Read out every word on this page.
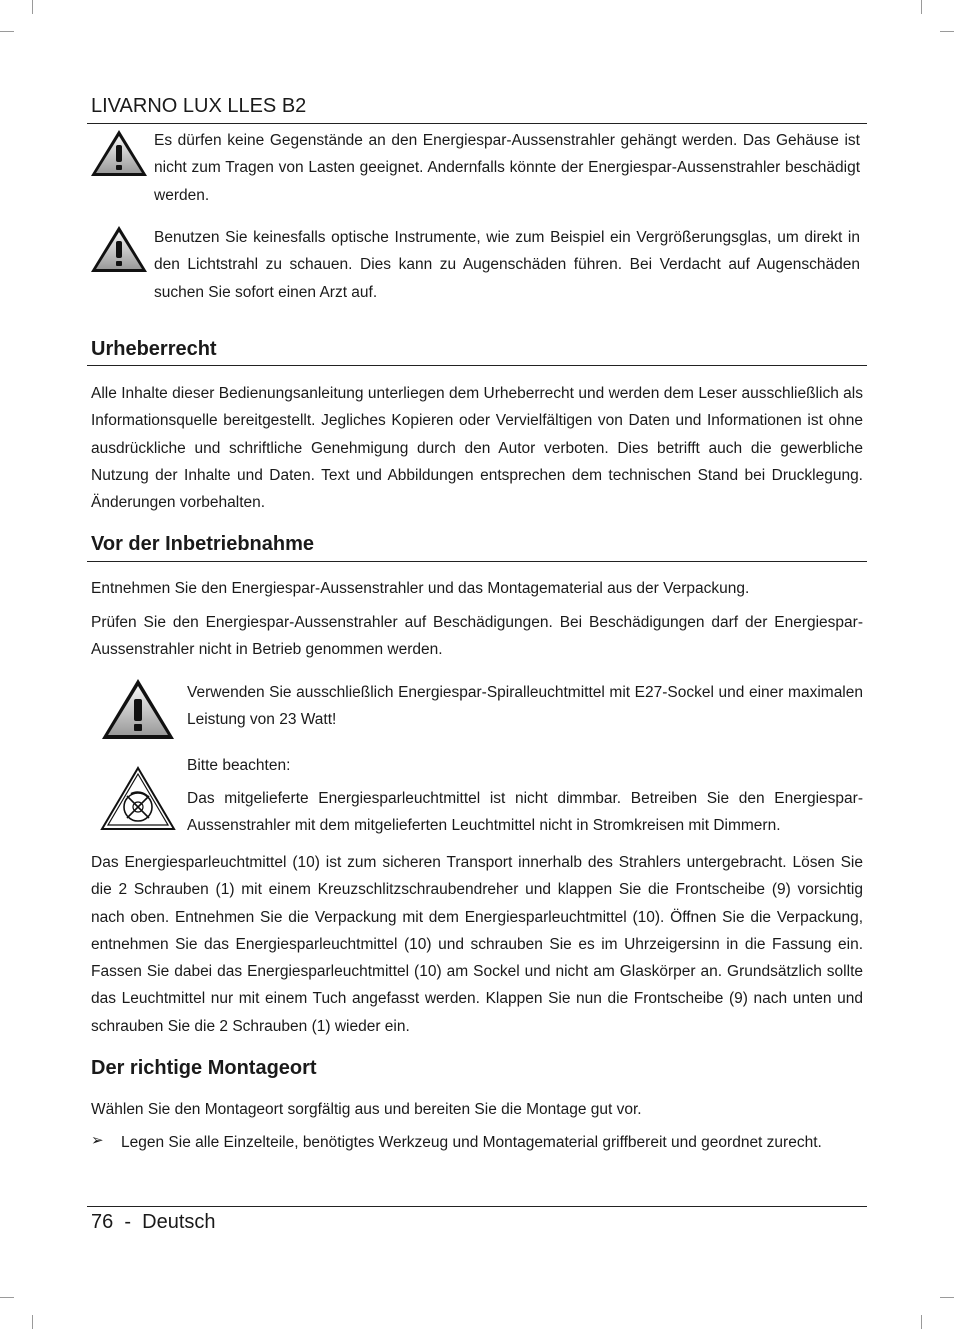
LIVARNO LUX LLES B2

Es dürfen keine Gegenstände an den Energiespar-Aussenstrahler gehängt werden. Das Gehäuse ist nicht zum Tragen von Lasten geeignet. Andernfalls könnte der Energiespar-Aussenstrahler beschädigt werden.

Benutzen Sie keinesfalls optische Instrumente, wie zum Beispiel ein Vergrößerungsglas, um direkt in den Lichtstrahl zu schauen. Dies kann zu Augenschäden führen. Bei Verdacht auf Augenschäden suchen Sie sofort einen Arzt auf.

Urheberrecht

Alle Inhalte dieser Bedienungsanleitung unterliegen dem Urheberrecht und werden dem Leser ausschließlich als Informationsquelle bereitgestellt. Jegliches Kopieren oder Vervielfältigen von Daten und Informationen ist ohne ausdrückliche und schriftliche Genehmigung durch den Autor verboten. Dies betrifft auch die gewerbliche Nutzung der Inhalte und Daten. Text und Abbildungen entsprechen dem technischen Stand bei Drucklegung. Änderungen vorbehalten.

Vor der Inbetriebnahme

Entnehmen Sie den Energiespar-Aussenstrahler und das Montagematerial aus der Verpackung.

Prüfen Sie den Energiespar-Aussenstrahler auf Beschädigungen. Bei Beschädigungen darf der Energiespar-Aussenstrahler nicht in Betrieb genommen werden.

Verwenden Sie ausschließlich Energiespar-Spiralleuchtmittel mit E27-Sockel und einer maximalen Leistung von 23 Watt!

Bitte beachten:

Das mitgelieferte Energiesparleuchtmittel ist nicht dimmbar. Betreiben Sie den Energiespar-Aussenstrahler mit dem mitgelieferten Leuchtmittel nicht in Stromkreisen mit Dimmern.

Das Energiesparleuchtmittel (10) ist zum sicheren Transport innerhalb des Strahlers untergebracht. Lösen Sie die 2 Schrauben (1) mit einem Kreuzschlitzschraubendreher und klappen Sie die Frontscheibe (9) vorsichtig nach oben. Entnehmen Sie die Verpackung mit dem Energiesparleuchtmittel (10). Öffnen Sie die Verpackung, entnehmen Sie das Energiesparleuchtmittel (10) und schrauben Sie es im Uhrzeigersinn in die Fassung ein. Fassen Sie dabei das Energiesparleuchtmittel (10) am Sockel und nicht am Glaskörper an. Grundsätzlich sollte das Leuchtmittel nur mit einem Tuch angefasst werden. Klappen Sie nun die Frontscheibe (9) nach unten und schrauben Sie die 2 Schrauben (1) wieder ein.

Der richtige Montageort

Wählen Sie den Montageort sorgfältig aus und bereiten Sie die Montage gut vor.

➢ Legen Sie alle Einzelteile, benötigtes Werkzeug und Montagematerial griffbereit und geordnet zurecht.

76  -  Deutsch
